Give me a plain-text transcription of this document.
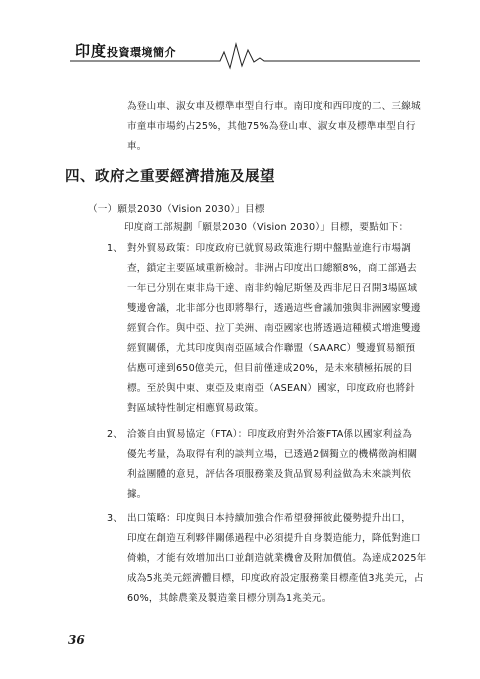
印度投資環境簡介
為登山車、淑女車及標準車型自行車。南印度和西印度的二、三線城
市童車市場約占25%，其他75%為登山車、淑女車及標準車型自行
車。
四、政府之重要經濟措施及展望
（一）願景2030（Vision 2030）」目標
印度商工部規劃「願景2030（Vision 2030）」目標，要點如下：
1、 對外貿易政策：印度政府已就貿易政策進行期中盤點並進行市場調
查，鎖定主要區域重新檢討。非洲占印度出口總額8%，商工部過去
一年已分別在東非烏干達、南非約翰尼斯堡及西非尼日召開3場區域
雙邊會議，北非部分也即將舉行，透過這些會議加強與非洲國家雙邊
經貿合作。與中亞、拉丁美洲、南亞國家也將透過這種模式增進雙邊
經貿關係，尤其印度與南亞區域合作聯盟（SAARC）雙邊貿易額預
估應可達到650億美元，但目前僅達成20%，是未來積極拓展的目
標。至於與中東、東亞及東南亞（ASEAN）國家，印度政府也將針
對區域特性制定相應貿易政策。
2、 洽簽自由貿易協定（FTA）：印度政府對外洽簽FTA係以國家利益為
優先考量，為取得有利的談判立場，已透過2個獨立的機構徵詢相關
利益團體的意見，評估各項服務業及貨品貿易利益做為未來談判依
據。
3、 出口策略：印度與日本持續加強合作希望發揮彼此優勢提升出口，
印度在創造互利夥伴關係過程中必須提升自身製造能力，降低對進口
倚賴，才能有效增加出口並創造就業機會及附加價值。為達成2025年
成為5兆美元經濟體目標，印度政府設定服務業目標產值3兆美元，占
60%，其餘農業及製造業目標分別為1兆美元。
36
